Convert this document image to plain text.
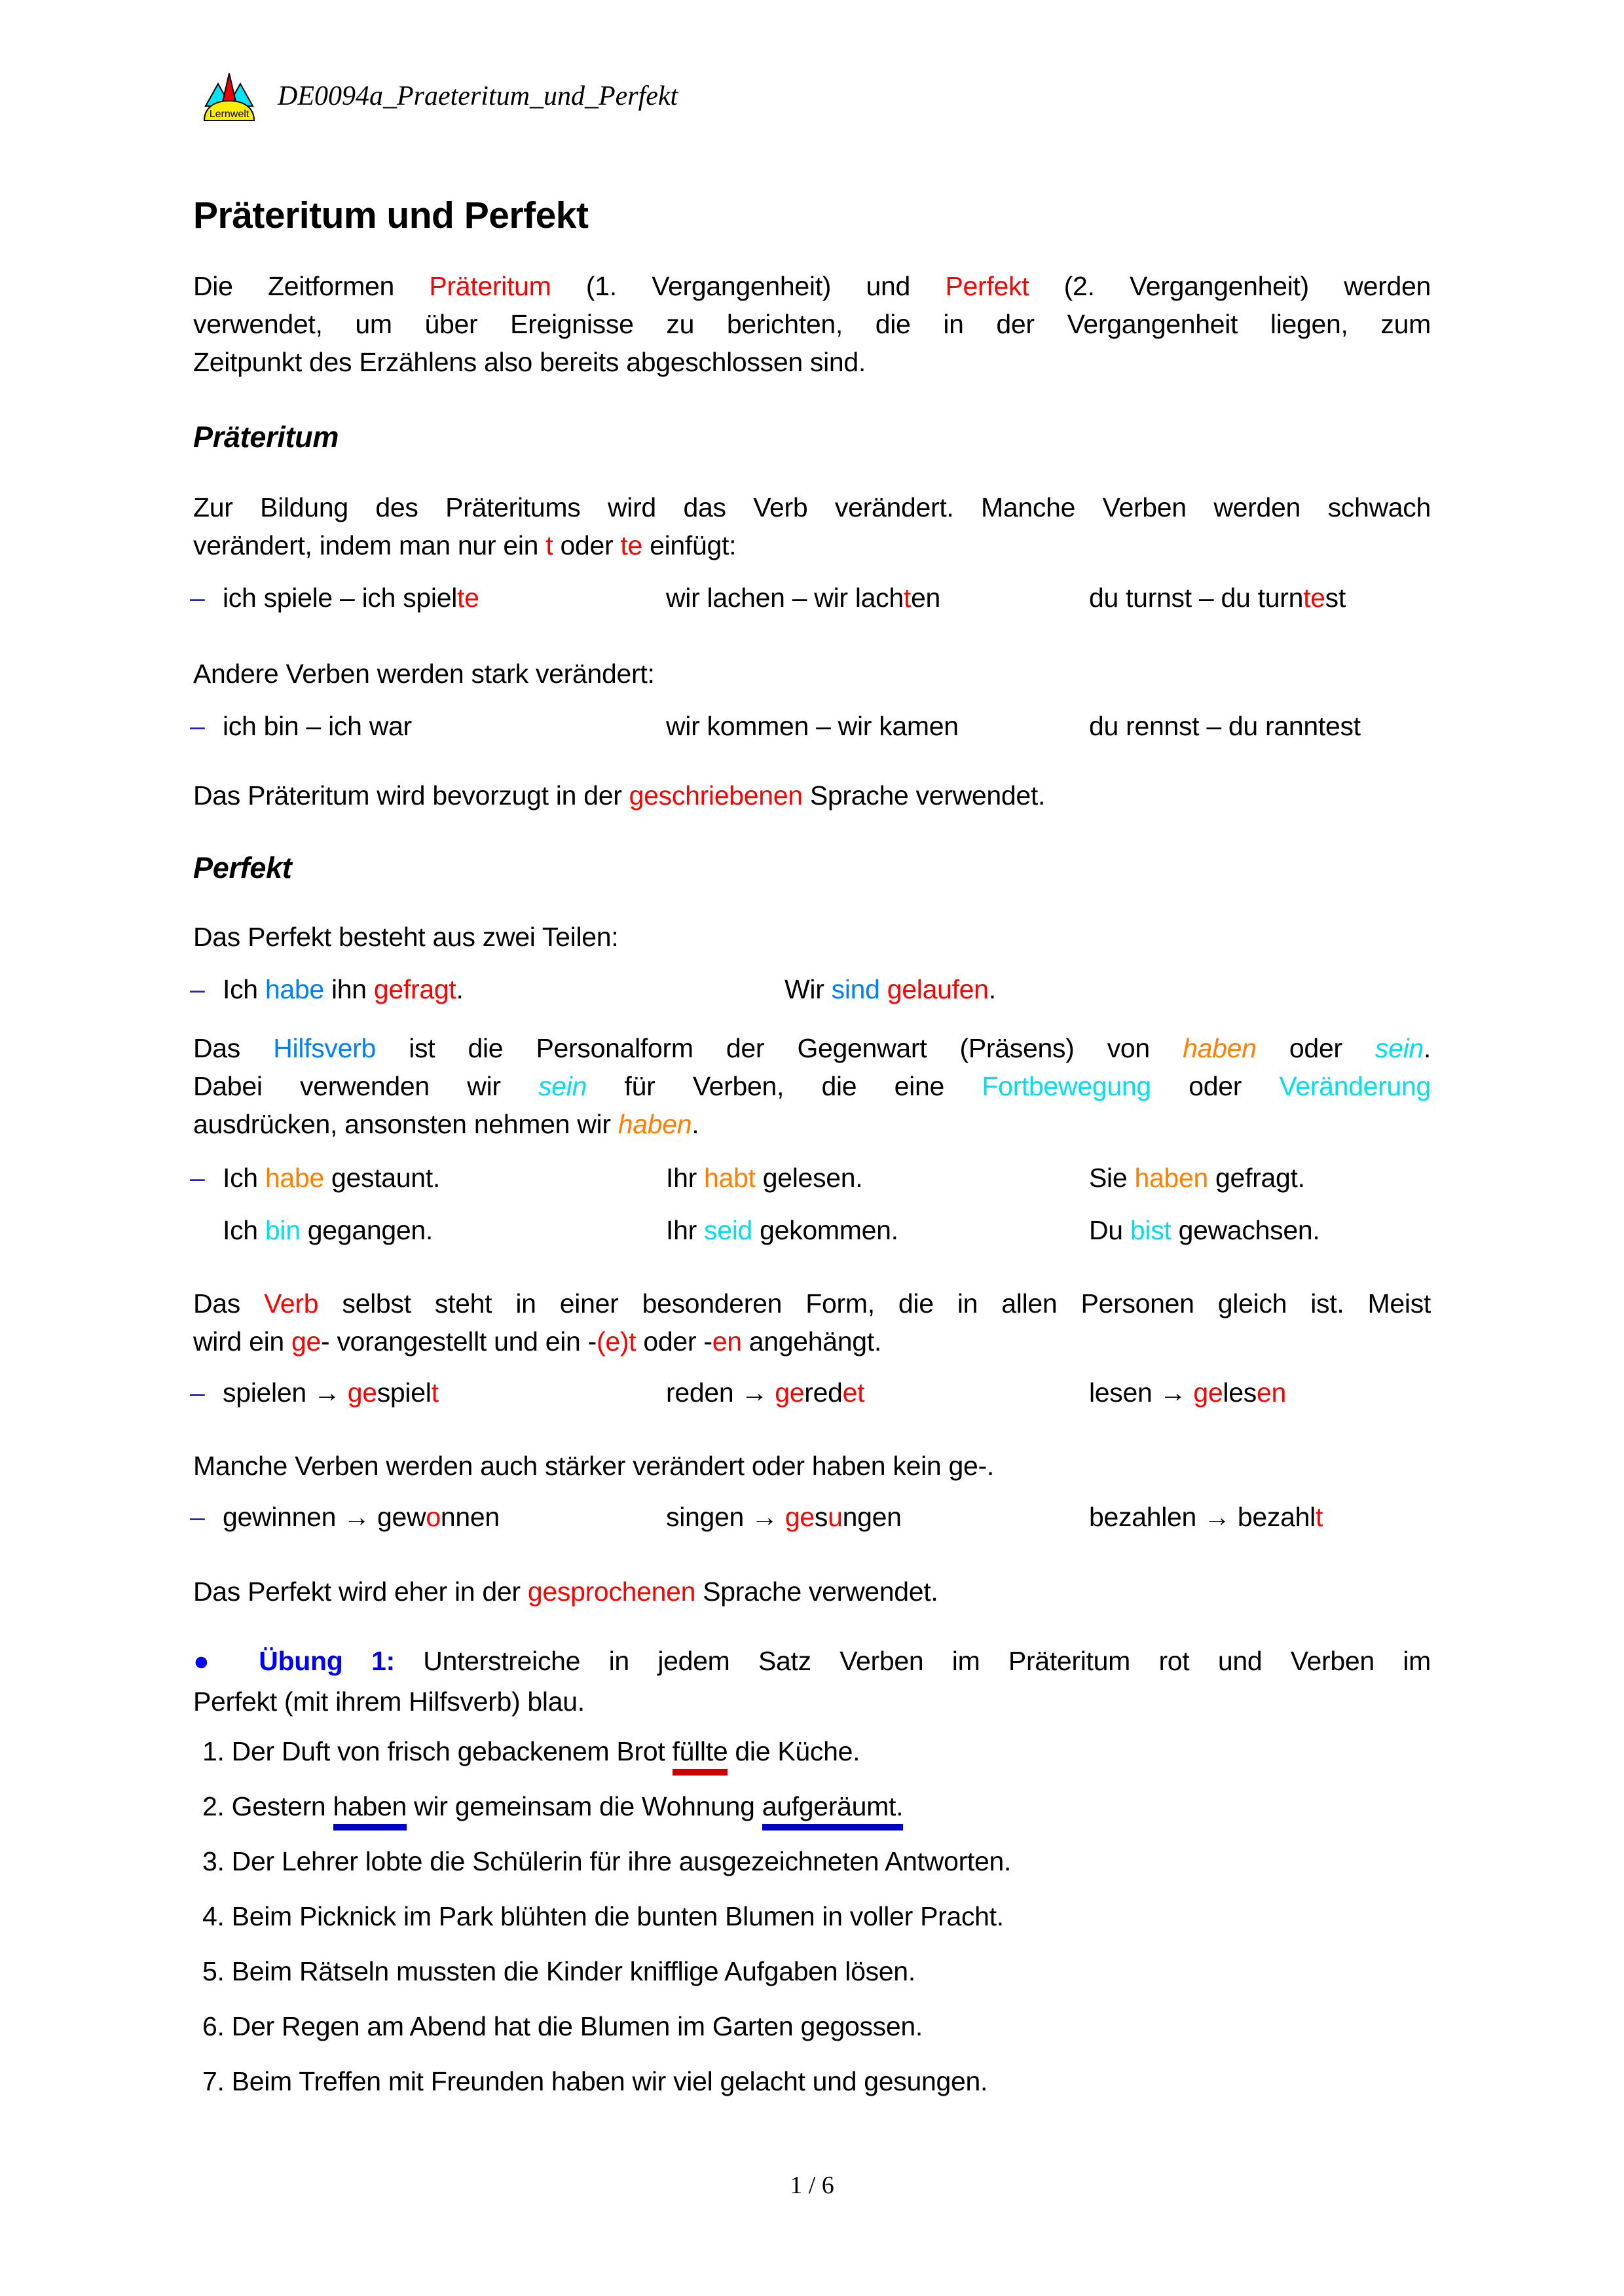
Lernwelt
DE0094a_Praeteritum_und_Perfekt
Präteritum und Perfekt
Die Zeitformen Präteritum (1. Vergangenheit) und Perfekt (2. Vergangenheit) werden
verwendet, um über Ereignisse zu berichten, die in der Vergangenheit liegen, zum
Zeitpunkt des Erzählens also bereits abgeschlossen sind.
Präteritum
Zur Bildung des Präteritums wird das Verb verändert. Manche Verben werden schwach
verändert, indem man nur ein t oder te einfügt:
– ich spiele – ich spielte	wir lachen – wir lachten	du turnst – du turntest
Andere Verben werden stark verändert:
– ich bin – ich war	wir kommen – wir kamen	du rennst – du ranntest
Das Präteritum wird bevorzugt in der geschriebenen Sprache verwendet.
Perfekt
Das Perfekt besteht aus zwei Teilen:
– Ich habe ihn gefragt.	Wir sind gelaufen.
Das Hilfsverb ist die Personalform der Gegenwart (Präsens) von haben oder sein.
Dabei verwenden wir sein für Verben, die eine Fortbewegung oder Veränderung
ausdrücken, ansonsten nehmen wir haben.
– Ich habe gestaunt.	Ihr habt gelesen.	Sie haben gefragt.
Ich bin gegangen.	Ihr seid gekommen.	Du bist gewachsen.
Das Verb selbst steht in einer besonderen Form, die in allen Personen gleich ist. Meist
wird ein ge- vorangestellt und ein -(e)t oder -en angehängt.
– spielen → gespielt	reden → geredet	lesen → gelesen
Manche Verben werden auch stärker verändert oder haben kein ge-.
– gewinnen → gewonnen	singen → gesungen	bezahlen → bezahlt
Das Perfekt wird eher in der gesprochenen Sprache verwendet.
● Übung 1: Unterstreiche in jedem Satz Verben im Präteritum rot und Verben im
Perfekt (mit ihrem Hilfsverb) blau.
1. Der Duft von frisch gebackenem Brot füllte die Küche.
2. Gestern haben wir gemeinsam die Wohnung aufgeräumt.
3. Der Lehrer lobte die Schülerin für ihre ausgezeichneten Antworten.
4. Beim Picknick im Park blühten die bunten Blumen in voller Pracht.
5. Beim Rätseln mussten die Kinder knifflige Aufgaben lösen.
6. Der Regen am Abend hat die Blumen im Garten gegossen.
7. Beim Treffen mit Freunden haben wir viel gelacht und gesungen.
1 / 6
